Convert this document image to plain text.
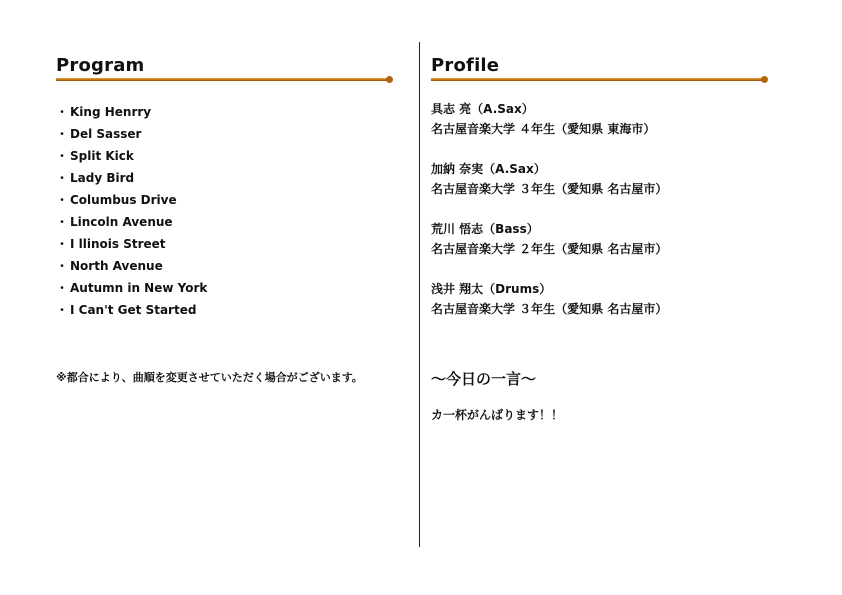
Program
・ King Henrry
・ Del Sasser
・ Split Kick
・ Lady Bird
・ Columbus Drive
・ Lincoln Avenue
・ I llinois Street
・ North Avenue
・ Autumn in New York
・ I Can't Get Started

※都合により、曲順を変更させていただく場合がございます。

Profile
具志 亮（A.Sax）
名古屋音楽大学 ４年生（愛知県 東海市）
加納 奈実（A.Sax）
名古屋音楽大学 ３年生（愛知県 名古屋市）
荒川 悟志（Bass）
名古屋音楽大学 ２年生（愛知県 名古屋市）
浅井 翔太（Drums）
名古屋音楽大学 ３年生（愛知県 名古屋市）
～今日の一言～

カ一杯がんばります！！
